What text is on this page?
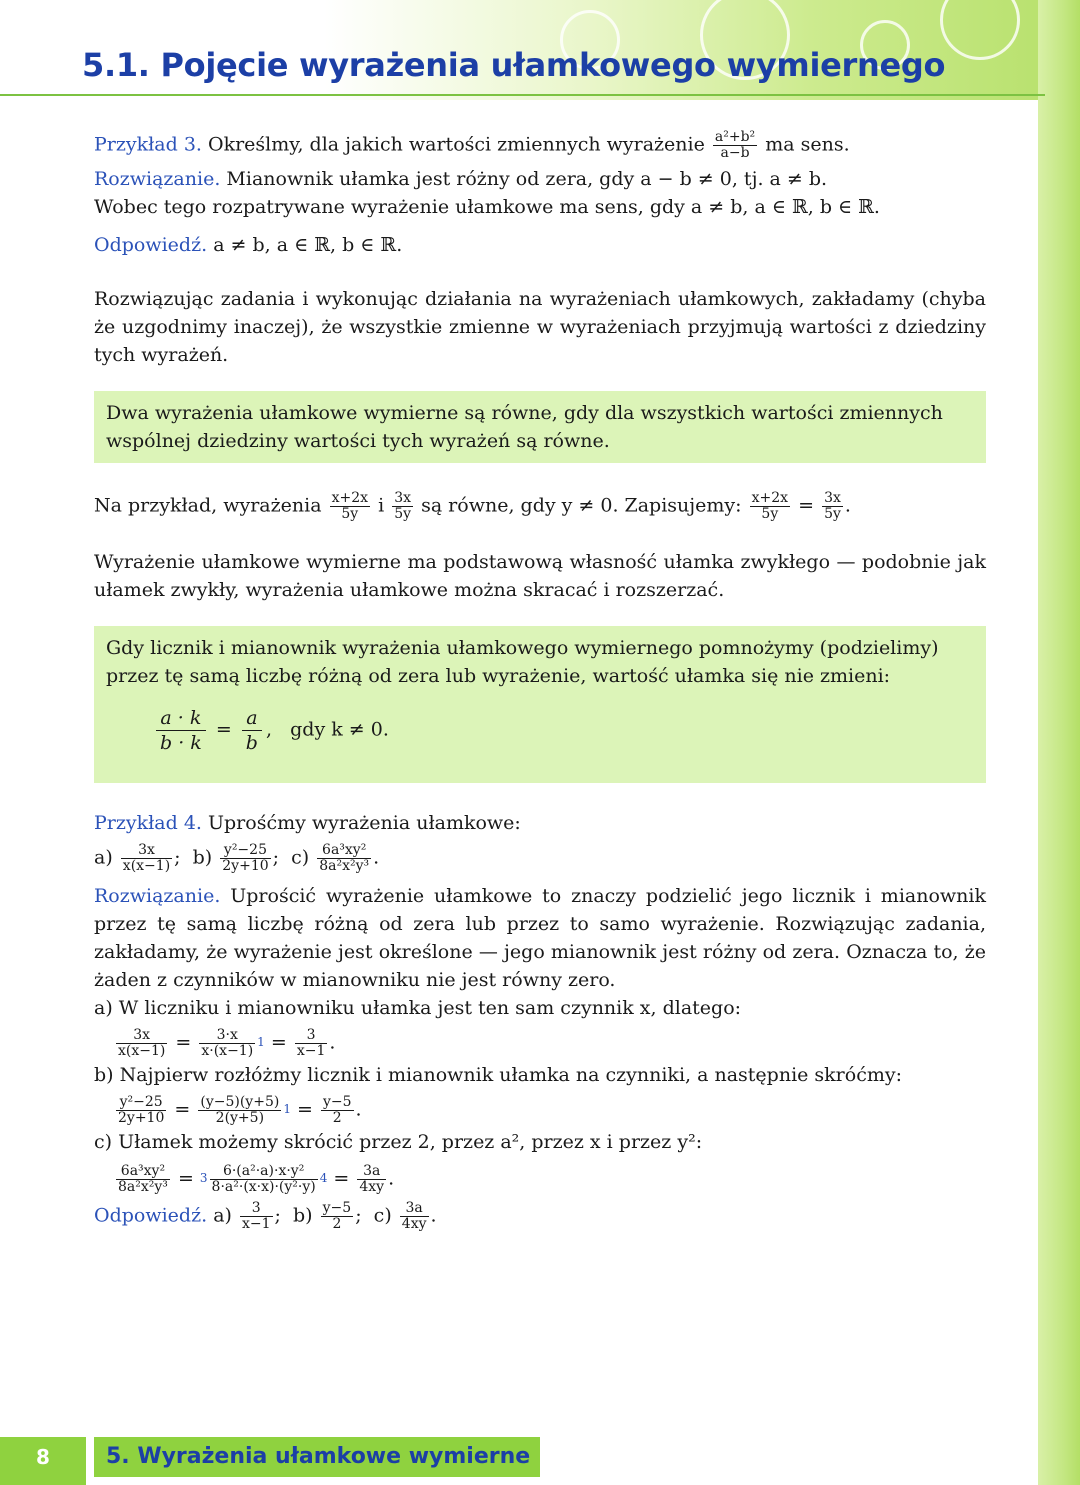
5.1. Pojęcie wyrażenia ułamkowego wymiernego
Przykład 3. Określmy, dla jakich wartości zmiennych wyrażenie $\frac{\text{a²+b²}}{a-b}$ ma sens.
Rozwiązanie. Mianownik ułamka jest różny od zera, gdy a − b ≠ 0, tj. a ≠ b.
Wobec tego rozpatrywane wyrażenie ułamkowe ma sens, gdy a ≠ b, a ∈ ℝ, b ∈ ℝ.
Odpowiedź. a ≠ b, a ∈ ℝ, b ∈ ℝ.
Rozwiązując zadania i wykonując działania na wyrażeniach ułamkowych, zakładamy (chyba że uzgodnimy inaczej), że wszystkie zmienne w wyrażeniach przyjmują wartości z dziedziny tych wyrażeń.
Dwa wyrażenia ułamkowe wymierne są równe, gdy dla wszystkich wartości zmiennych wspólnej dziedziny wartości tych wyrażeń są równe.
Na przykład, wyrażenia $\frac{x+2x}{5y}$ i $\frac{3x}{5y}$ są równe, gdy y ≠ 0. Zapisujemy: $\frac{x+2x}{5y} = \frac{3x}{5y}$ .
Wyrażenie ułamkowe wymierne ma podstawową własność ułamka zwykłego — podobnie jak ułamek zwykły, wyrażenia ułamkowe można skracać i rozszerzać.
Gdy licznik i mianownik wyrażenia ułamkowego wymiernego pomnożymy (podzielimy) przez tę samą liczbę różną od zera lub wyrażenie, wartość ułamka się nie zmieni:
$\frac{a \cdot k}{b \cdot k} = \frac{a}{b}$ ,   gdy k ≠ 0.
Przykład 4. Uprośćmy wyrażenia ułamkowe:
$a) \frac{3x}{x(x-1)}$ ;  $b) \frac{\text{y²−25}}{2y+10}$ ;  $c) \frac{\text{6a³xy²}}{\text{8a²x²y³}}$ .
Rozwiązanie. Uprościć wyrażenie ułamkowe to znaczy podzielić jego licznik i mianownik przez tę samą liczbę różną od zera lub przez to samo wyrażenie. Rozwiązując zadania, zakładamy, że wyrażenie jest określone — jego mianownik jest różny od zera. Oznacza to, że żaden z czynników w mianowniku nie jest równy zero.
a) W liczniku i mianowniku ułamka jest ten sam czynnik x, dlatego:
$\frac{3x}{x(x-1)} = \frac{3\cdot x}{x\cdot(x-1)} ^1 = \frac{3}{x-1}$ .
b) Najpierw rozłóżmy licznik i mianownik ułamka na czynniki, a następnie skróćmy:
$\frac{\text{y²−25}}{2y+10} = \frac{(y-5)(y+5)}{2(y+5)} ^1 = \frac{y-5}{2}$ .
c) Ułamek możemy skrócić przez 2, przez a², przez x i przez y²:
$\frac{\text{6a³xy²}}{\text{8a²x²y³}} = ^3 \frac{\text{6·(a²·a)·x·y²}}{\text{8·a²·(x·x)·(y²·y)}} ^4 = \frac{3a}{4xy}$ .
Odpowiedź. $a) \frac{3}{x-1}$ ;  $b) \frac{y-5}{2}$ ;  $c) \frac{3a}{4xy}$ .
8	5. Wyrażenia ułamkowe wymierne
